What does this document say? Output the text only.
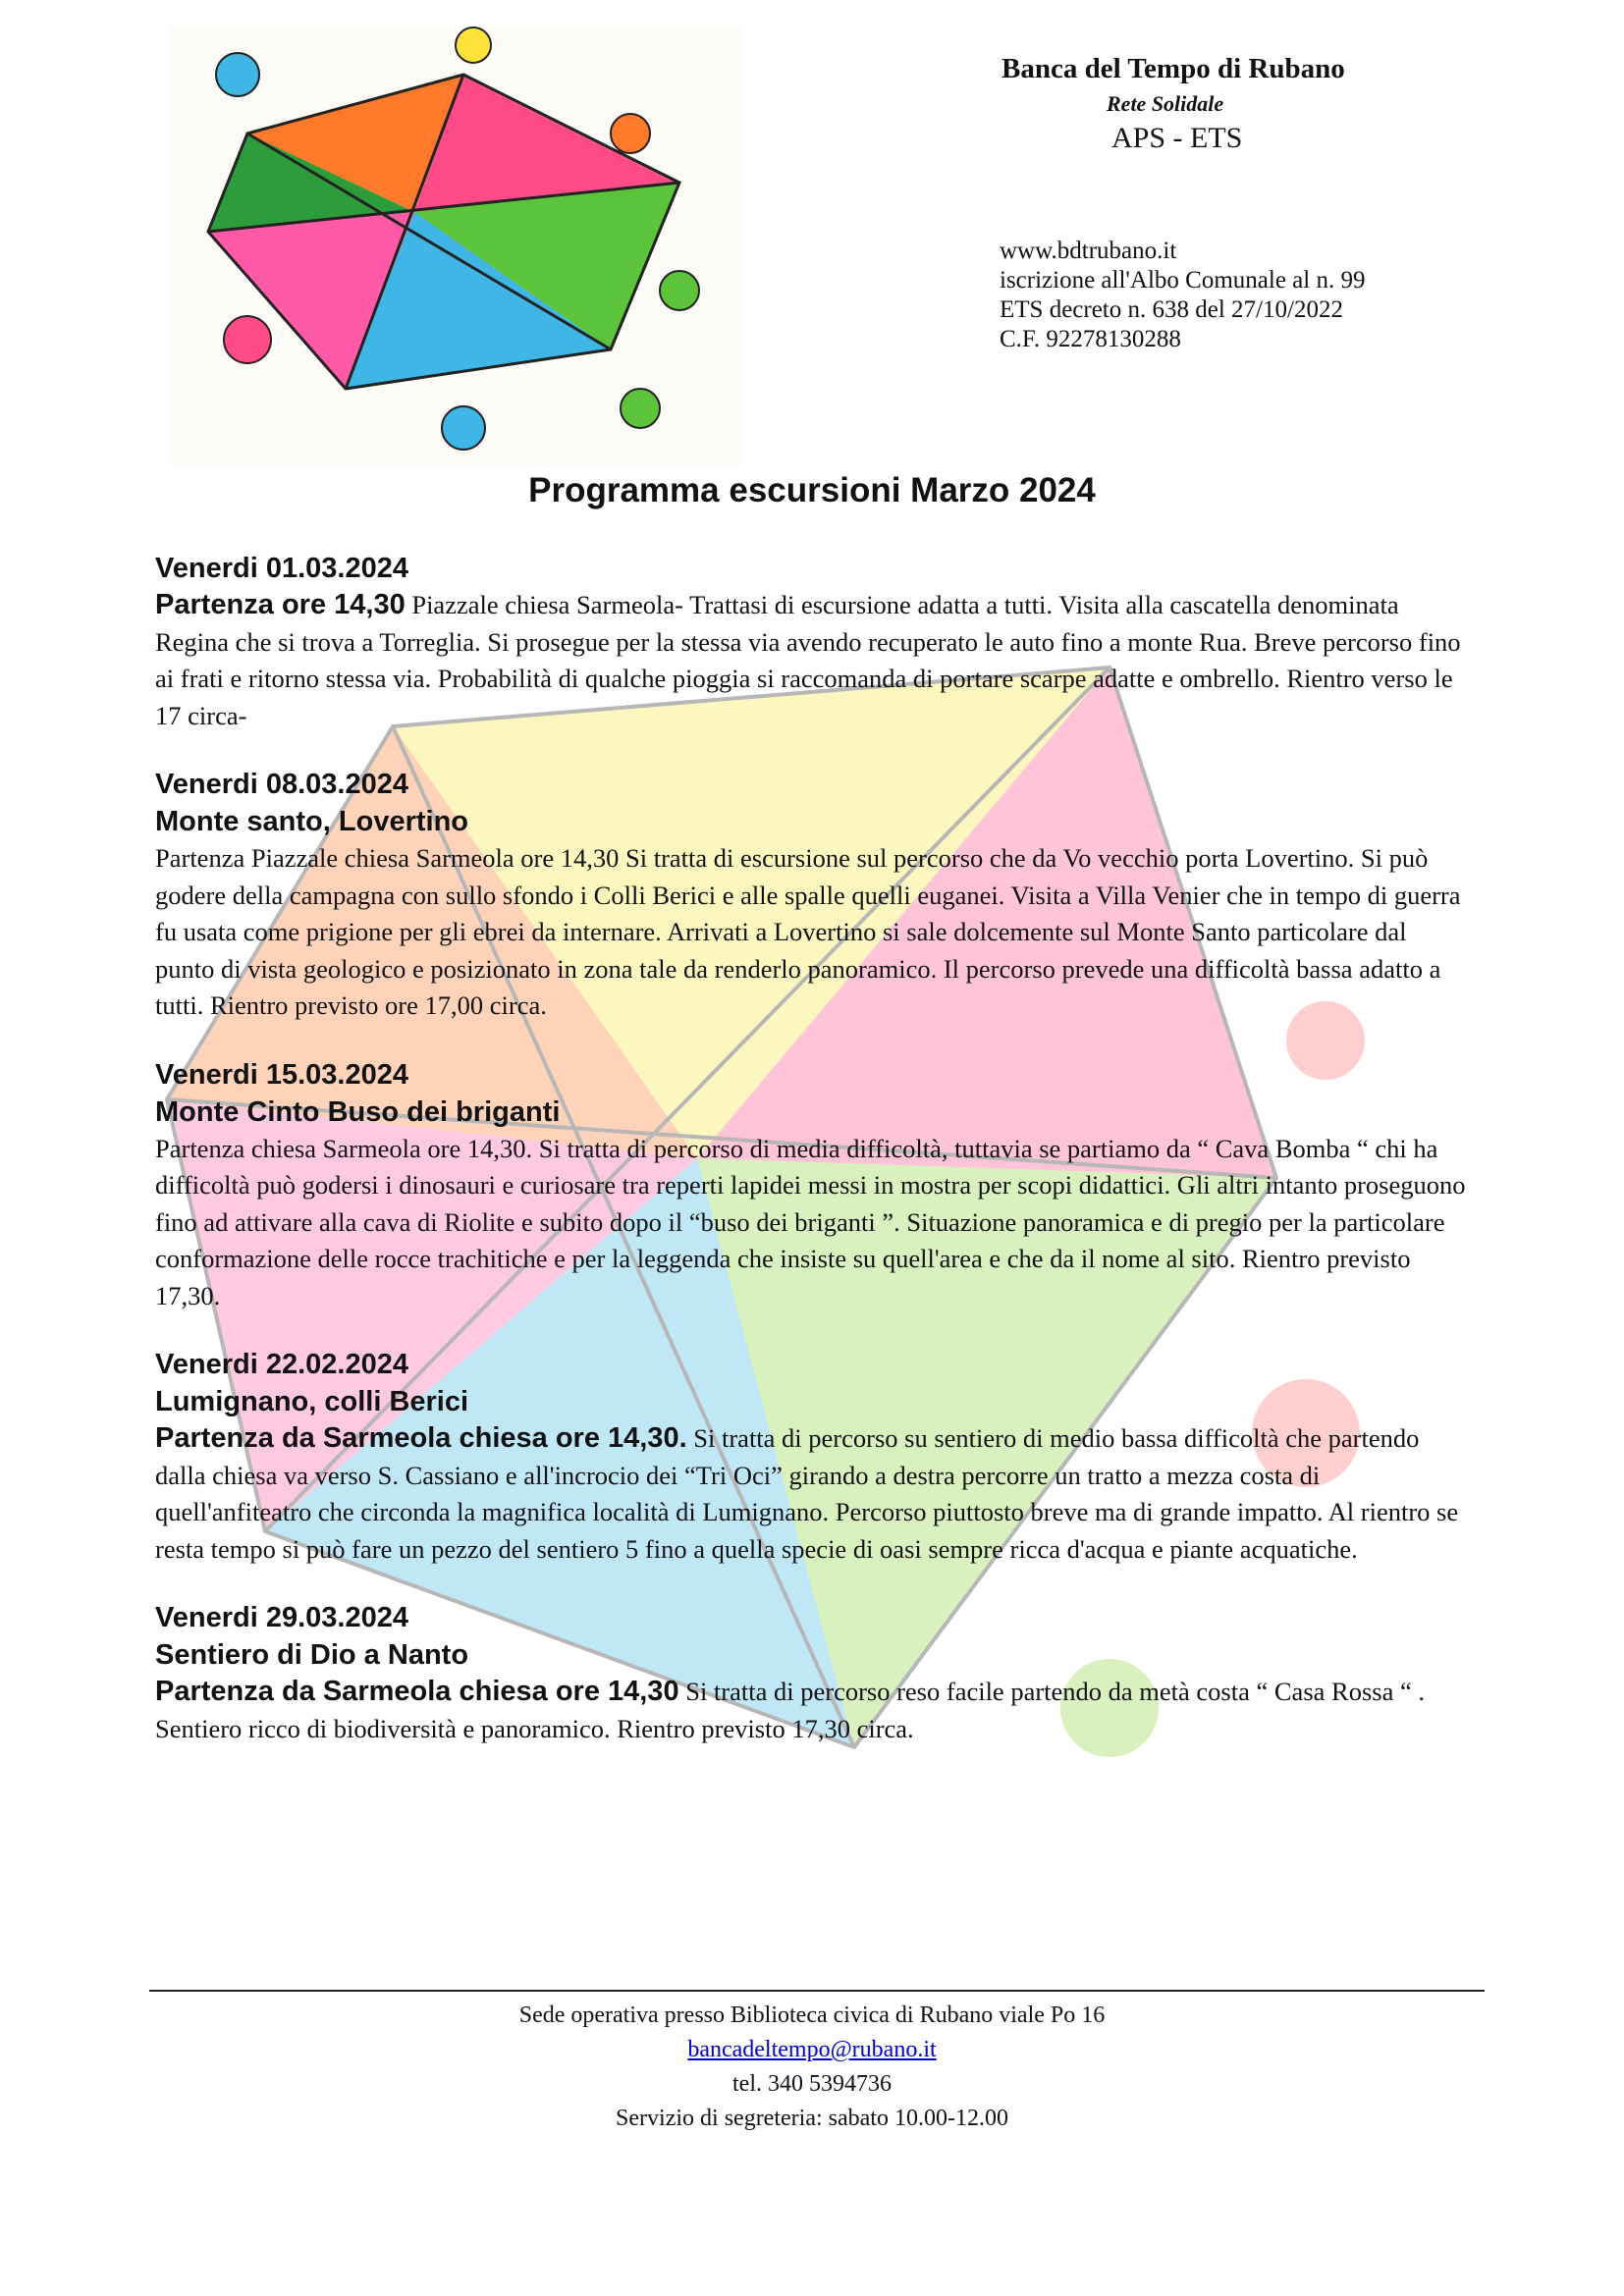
Banca del Tempo di Rubano

Rete Solidale

APS - ETS

www.bdtrubano.it
iscrizione all'Albo Comunale al n. 99
ETS decreto n. 638 del 27/10/2022
C.F. 92278130288
Programma escursioni Marzo 2024

Venerdi 01.03.2024

Partenza ore 14,30 Piazzale chiesa Sarmeola- Trattasi di escursione adatta a tutti. Visita alla cascatella denominata Regina che si trova a Torreglia. Si prosegue per la stessa via avendo recuperato le auto fino a monte Rua. Breve percorso fino ai frati e ritorno stessa via. Probabilità di qualche pioggia si raccomanda di portare scarpe adatte e ombrello. Rientro verso le 17 circa-

Venerdi 08.03.2024

Monte santo, Lovertino

Partenza Piazzale chiesa Sarmeola ore 14,30 Si tratta di escursione sul percorso che da Vo vecchio porta Lovertino. Si può godere della campagna con sullo sfondo i Colli Berici e alle spalle quelli euganei. Visita a Villa Venier che in tempo di guerra fu usata come prigione per gli ebrei da internare. Arrivati a Lovertino si sale dolcemente sul Monte Santo particolare dal punto di vista geologico e posizionato in zona tale da renderlo panoramico. Il percorso prevede una difficoltà bassa adatto a tutti. Rientro previsto ore 17,00 circa.

Venerdi 15.03.2024

Monte Cinto Buso dei briganti

Partenza chiesa Sarmeola ore 14,30. Si tratta di percorso di media difficoltà, tuttavia se partiamo da “ Cava Bomba “ chi ha difficoltà può godersi i dinosauri e curiosare tra reperti lapidei messi in mostra per scopi didattici. Gli altri intanto proseguono fino ad attivare alla cava di Riolite e subito dopo il “buso dei briganti ”. Situazione panoramica e di pregio per la particolare conformazione delle rocce trachitiche e per la leggenda che insiste su quell'area e che da il nome al sito. Rientro previsto 17,30.

Venerdi 22.02.2024

Lumignano, colli Berici

Partenza da Sarmeola chiesa ore 14,30. Si tratta di percorso su sentiero di medio bassa difficoltà che partendo dalla chiesa va verso S. Cassiano e all'incrocio dei “Tri Oci” girando a destra percorre un tratto a mezza costa di quell'anfiteatro che circonda la magnifica località di Lumignano. Percorso piuttosto breve ma di grande impatto. Al rientro se resta tempo si può fare un pezzo del sentiero 5 fino a quella specie di oasi sempre ricca d'acqua e piante acquatiche.

Venerdi 29.03.2024

Sentiero di Dio a Nanto

Partenza da Sarmeola chiesa ore 14,30 Si tratta di percorso reso facile partendo da metà costa “ Casa Rossa “ . Sentiero ricco di biodiversità e panoramico. Rientro previsto 17,30 circa.

Sede operativa presso Biblioteca civica di Rubano viale Po 16
bancadeltempo@rubano.it
tel. 340 5394736
Servizio di segreteria: sabato 10.00-12.00
